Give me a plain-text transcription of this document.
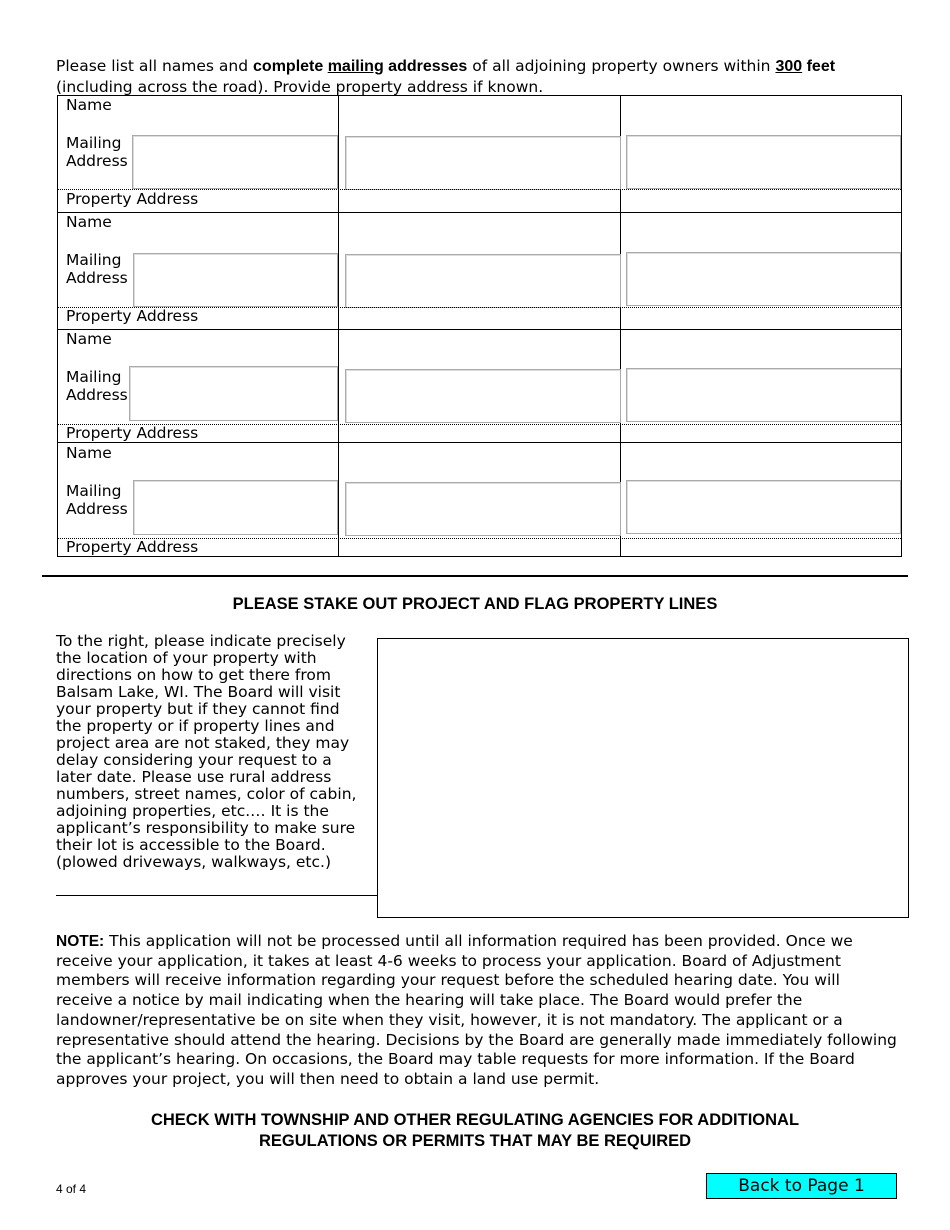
Please list all names and complete mailing addresses of all adjoining property owners within 300 feet (including across the road). Provide property address if known.
Name
Mailing
Address
Property Address
Name
Mailing
Address
Property Address
Name
Mailing
Address
Property Address
Name
Mailing
Address
Property Address
PLEASE STAKE OUT PROJECT AND FLAG PROPERTY LINES
To the right, please indicate precisely the location of your property with directions on how to get there from Balsam Lake, WI. The Board will visit your property but if they cannot find the property or if property lines and project area are not staked, they may delay considering your request to a later date. Please use rural address numbers, street names, color of cabin, adjoining properties, etc.… It is the applicant’s responsibility to make sure their lot is accessible to the Board. (plowed driveways, walkways, etc.)
NOTE: This application will not be processed until all information required has been provided. Once we receive your application, it takes at least 4-6 weeks to process your application. Board of Adjustment members will receive information regarding your request before the scheduled hearing date. You will receive a notice by mail indicating when the hearing will take place. The Board would prefer the landowner/representative be on site when they visit, however, it is not mandatory. The applicant or a representative should attend the hearing. Decisions by the Board are generally made immediately following the applicant’s hearing. On occasions, the Board may table requests for more information. If the Board approves your project, you will then need to obtain a land use permit.
CHECK WITH TOWNSHIP AND OTHER REGULATING AGENCIES FOR ADDITIONAL
REGULATIONS OR PERMITS THAT MAY BE REQUIRED
4 of 4	Back to Page 1
